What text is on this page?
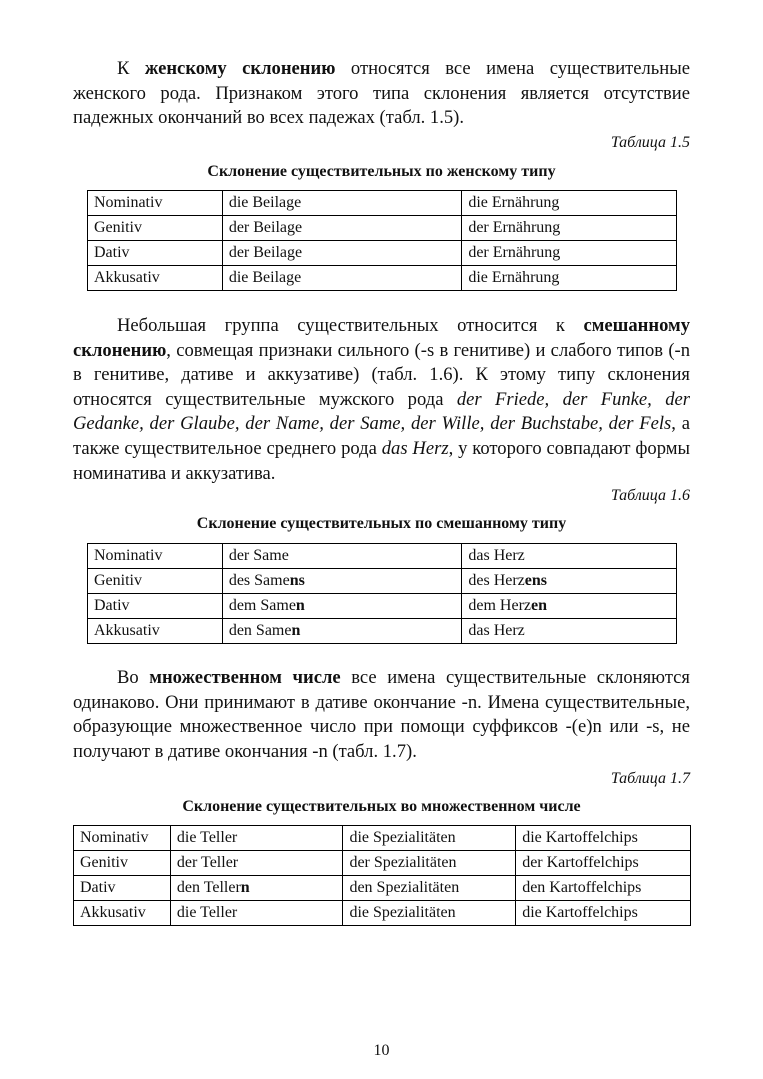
К женскому склонению относятся все имена существительные женского рода. Признаком этого типа склонения является отсутствие падежных окончаний во всех падежах (табл. 1.5).

Таблица 1.5

Склонение существительных по женскому типу

Nominativ	die Beilage	die Ernährung
Genitiv	der Beilage	der Ernährung
Dativ	der Beilage	der Ernährung
Akkusativ	die Beilage	die Ernährung

Небольшая группа существительных относится к смешанному склонению, совмещая признаки сильного (-s в генитиве) и слабого типов (-n в генитиве, дативе и аккузативе) (табл. 1.6). К этому типу склонения относятся существительные мужского рода der Friede, der Funke, der Gedanke, der Glaube, der Name, der Same, der Wille, der Buchstabe, der Fels, а также существительное среднего рода das Herz, у которого совпадают формы номинатива и аккузатива.

Таблица 1.6

Склонение существительных по смешанному типу

Nominativ	der Same	das Herz
Genitiv	des Samens	des Herzens
Dativ	dem Samen	dem Herzen
Akkusativ	den Samen	das Herz

Во множественном числе все имена существительные склоняются одинаково. Они принимают в дативе окончание -n. Имена существительные, образующие множественное число при помощи суффиксов -(e)n или -s, не получают в дативе окончания -n (табл. 1.7).

Таблица 1.7

Склонение существительных во множественном числе

Nominativ	die Teller	die Spezialitäten	die Kartoffelchips
Genitiv	der Teller	der Spezialitäten	der Kartoffelchips
Dativ	den Tellern	den Spezialitäten	den Kartoffelchips
Akkusativ	die Teller	die Spezialitäten	die Kartoffelchips
10
